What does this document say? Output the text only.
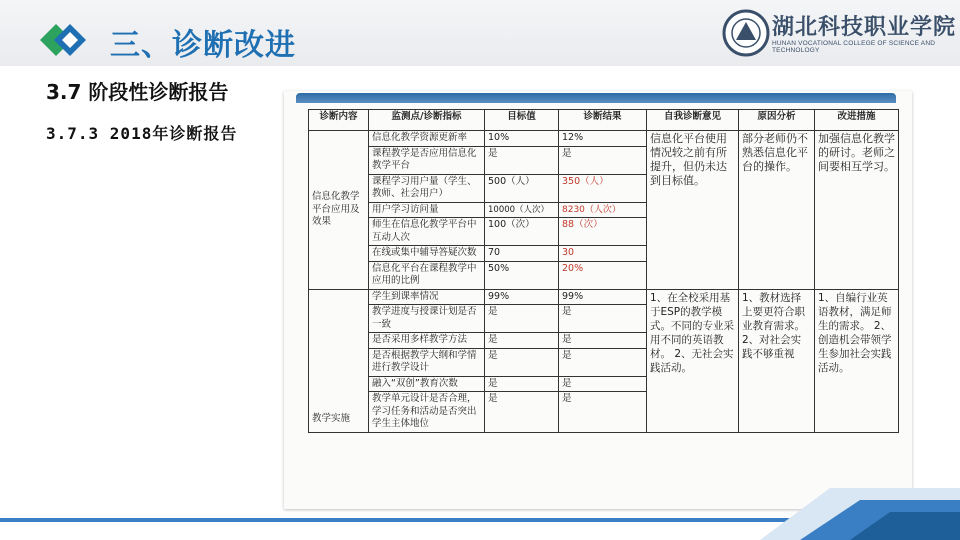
三、诊断改进
湖北科技职业学院
HUNAN VOCATIONAL COLLEGE OF SCIENCE AND TECHNOLOGY
3.7 阶段性诊断报告
3.7.3 2018年诊断报告
诊断内容	监测点/诊断指标	目标值	诊断结果	自我诊断意见	原因分析	改进措施
信息化教学平台应用及效果	信息化教学资源更新率	10%	12%	信息化平台使用情况较之前有所提升，但仍未达到目标值。	部分老师仍不熟悉信息化平台的操作。	加强信息化教学的研讨。老师之间要相互学习。
	课程教学是否应用信息化教学平台	是	是			
	课程学习用户量（学生、教师、社会用户）	500（人）	350（人）			
	用户学习访问量	10000（人次）	8230（人次）			
	师生在信息化教学平台中互动人次	100（次）	88（次）			
	在线或集中辅导答疑次数	70	30			
	信息化平台在课程教学中应用的比例	50%	20%			
教学实施	学生到课率情况	99%	99%	1、在全校采用基于ESP的教学模式。不同的专业采用不同的英语教材。 2、无社会实践活动。	1、教材选择上要更符合职业教育需求。 2、对社会实践不够重视	1、自编行业英语教材，满足师生的需求。 2、创造机会带领学生参加社会实践活动。
	教学进度与授课计划是否一致	是	是			
	是否采用多样教学方法	是	是			
	是否根据教学大纲和学情进行教学设计	是	是			
	融入“双创”教育次数	是	是			
	教学单元设计是否合理，学习任务和活动是否突出学生主体地位	是	是			
